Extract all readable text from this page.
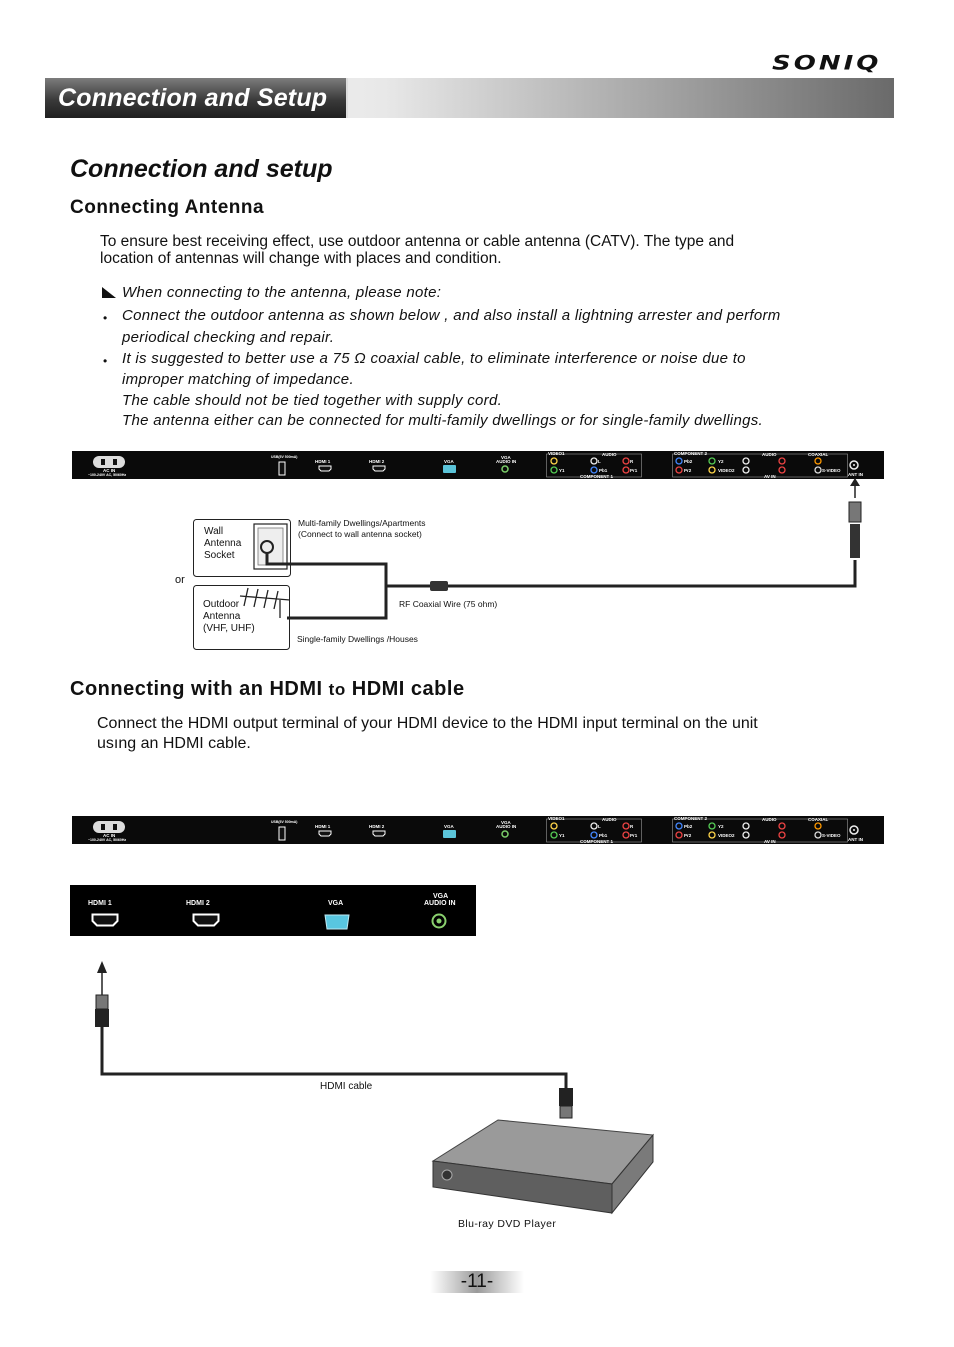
Connection and Setup
SONIQ
Connection and setup
Connecting Antenna
To ensure best receiving effect, use outdoor antenna or cable antenna (CATV). The type and
location of antennas will change with places and condition.
When connecting to the antenna, please note:
• Connect the outdoor antenna as shown below , and also install a lightning arrester and perform
periodical checking and repair.
• It is suggested to better use a 75 Ω coaxial cable, to eliminate interference or noise due to
improper matching of impedance.
The cable should not be tied together with supply cord.
The antenna either can be connected for multi-family dwellings or for single-family dwellings.
AC IN
~100-240V AC, 50/60Hz
USB(5V 500mA)
HDMI 1	HDMI 2	VGA
VGA
AUDIO IN
VIDEO1	AUDIO
L	R
Y1	Pb1	Pr1
COMPONENT 1
COMPONENT 2
Pb2
Pr2
Y2
VIDEO2
AUDIO	COAXIAL
S-VIDEO
AV IN	ANT IN
Wall
Antenna
Socket
or
Outdoor
Antenna
(VHF, UHF)
Multi-family Dwellings/Apartments
(Connect to wall antenna socket)
RF Coaxial Wire (75 ohm)
Single-family Dwellings /Houses
Connecting with an HDMI to HDMI cable
Connect the HDMI output terminal of your HDMI device to the HDMI input terminal on the unit
usıng an HDMI cable.
AC IN
~100-240V AC, 50/60Hz
USB(5V 500mA)
HDMI 1	HDMI 2	VGA
VGA
AUDIO IN
VIDEO1	AUDIO
L	R
Y1	Pb1	Pr1
COMPONENT 1
COMPONENT 2
Pb2
Pr2
Y2
VIDEO2
AUDIO	COAXIAL
S-VIDEO
AV IN	ANT IN
HDMI 1	HDMI 2	VGA
VGA
AUDIO IN
HDMI cable
Blu-ray DVD Player
-11-
